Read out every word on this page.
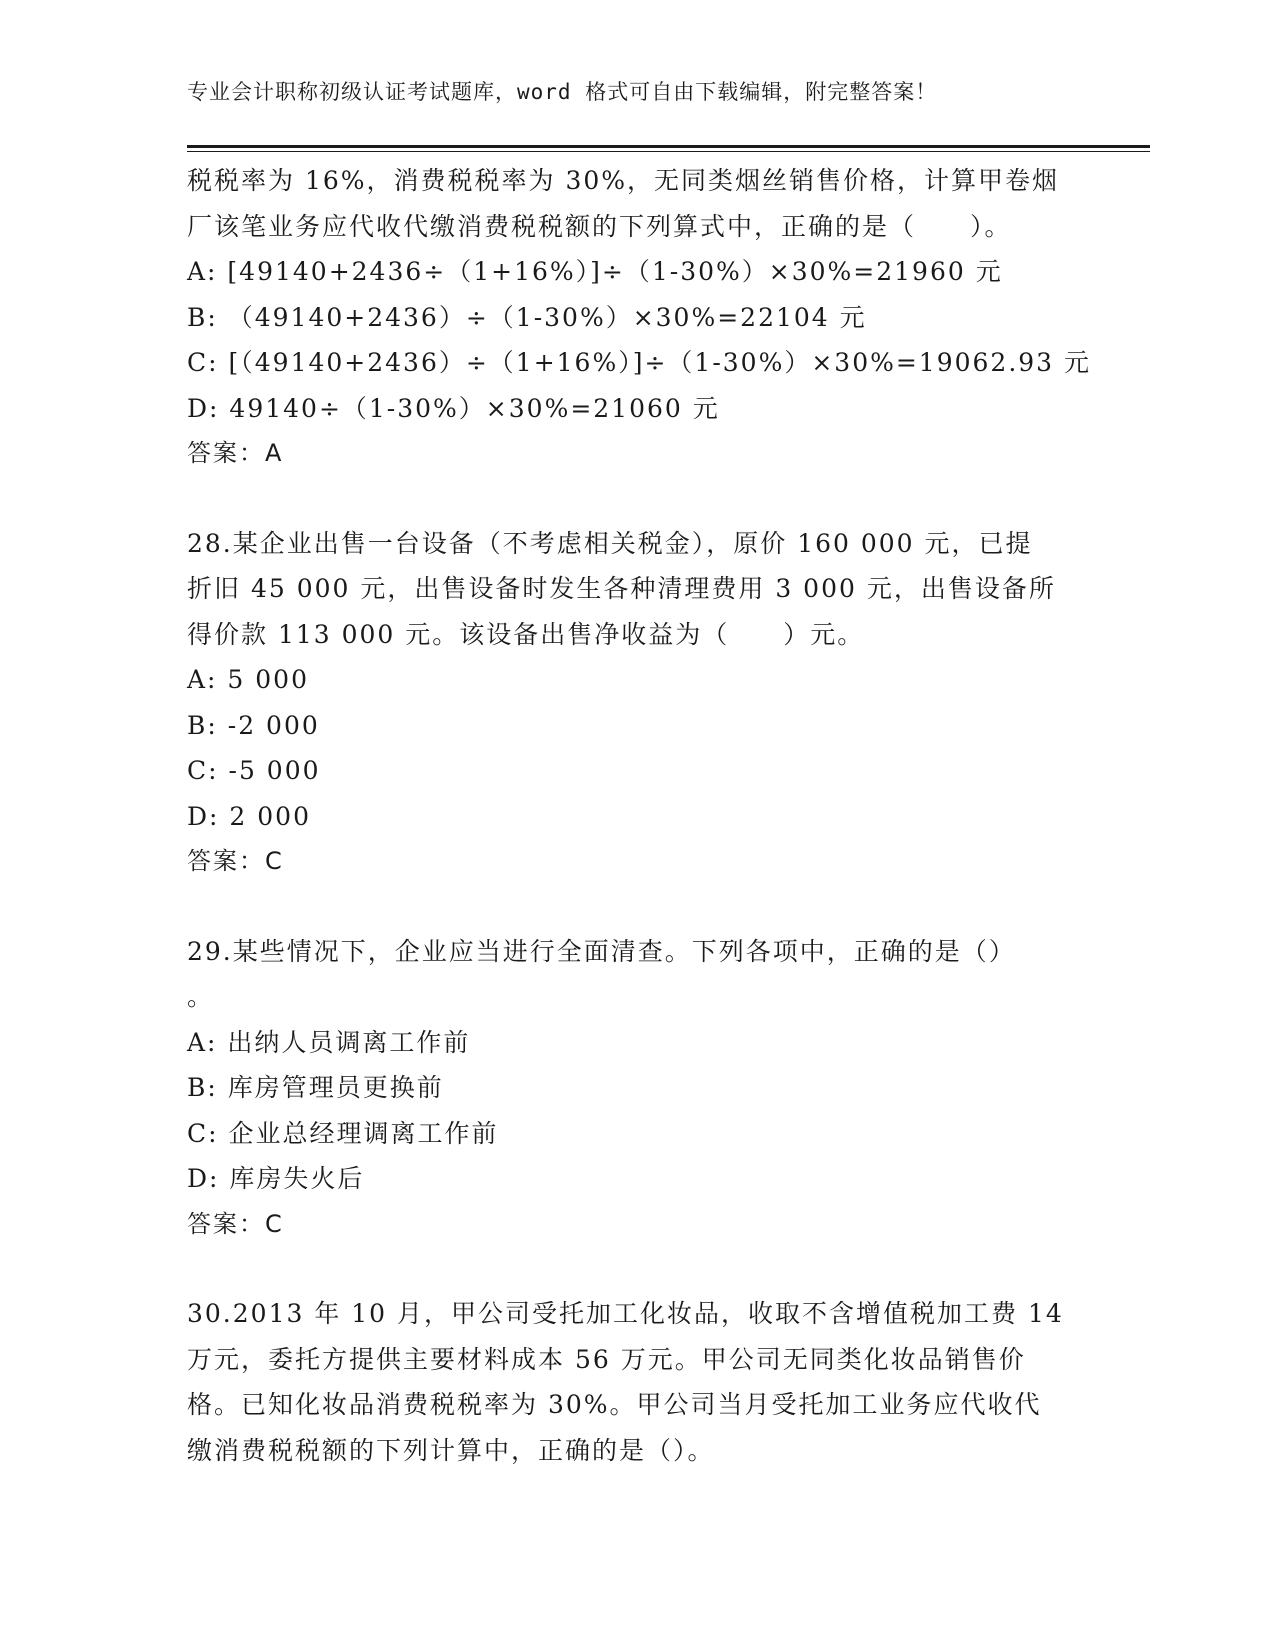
专业会计职称初级认证考试题库，word 格式可自由下载编辑，附完整答案！
税税率为 16%，消费税税率为 30%，无同类烟丝销售价格，计算甲卷烟
厂该笔业务应代收代缴消费税税额的下列算式中，正确的是（　　）。
A: [49140+2436÷（1+16%）]÷（1-30%）×30%=21960 元
B: （49140+2436）÷（1-30%）×30%=22104 元
C: [（49140+2436）÷（1+16%）]÷（1-30%）×30%=19062.93 元
D: 49140÷（1-30%）×30%=21060 元
答案：A
28.某企业出售一台设备（不考虑相关税金），原价 160 000 元，已提
折旧 45 000 元，出售设备时发生各种清理费用 3 000 元，出售设备所
得价款 113 000 元。该设备出售净收益为（　　）元。
A: 5 000
B: -2 000
C: -5 000
D: 2 000
答案：C
29.某些情况下，企业应当进行全面清查。下列各项中，正确的是（）
。
A: 出纳人员调离工作前
B: 库房管理员更换前
C: 企业总经理调离工作前
D: 库房失火后
答案：C
30.2013 年 10 月，甲公司受托加工化妆品，收取不含增值税加工费 14
万元，委托方提供主要材料成本 56 万元。甲公司无同类化妆品销售价
格。已知化妆品消费税税率为 30%。甲公司当月受托加工业务应代收代
缴消费税税额的下列计算中，正确的是（）。
